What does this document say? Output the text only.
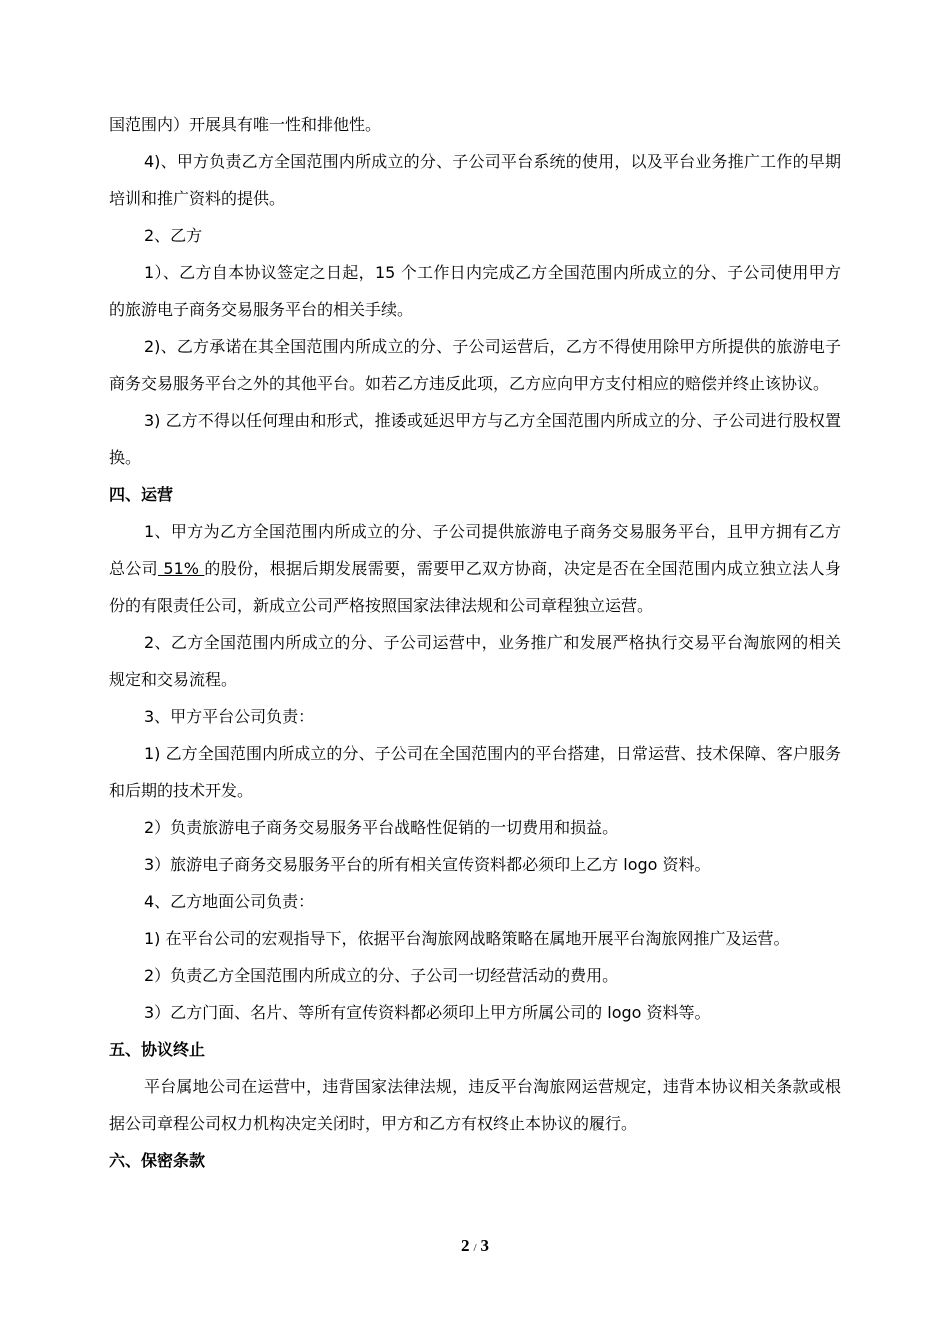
国范围内）开展具有唯一性和排他性。

4)、甲方负责乙方全国范围内所成立的分、子公司平台系统的使用，以及平台业务推广工作的早期培训和推广资料的提供。

2、乙方

1）、乙方自本协议签定之日起，15 个工作日内完成乙方全国范围内所成立的分、子公司使用甲方的旅游电子商务交易服务平台的相关手续。

2)、乙方承诺在其全国范围内所成立的分、子公司运营后，乙方不得使用除甲方所提供的旅游电子商务交易服务平台之外的其他平台。如若乙方违反此项，乙方应向甲方支付相应的赔偿并终止该协议。

3) 乙方不得以任何理由和形式，推诿或延迟甲方与乙方全国范围内所成立的分、子公司进行股权置换。

四、运营

1、甲方为乙方全国范围内所成立的分、子公司提供旅游电子商务交易服务平台，且甲方拥有乙方总公司 51% 的股份，根据后期发展需要，需要甲乙双方协商，决定是否在全国范围内成立独立法人身份的有限责任公司，新成立公司严格按照国家法律法规和公司章程独立运营。

2、乙方全国范围内所成立的分、子公司运营中，业务推广和发展严格执行交易平台淘旅网的相关规定和交易流程。

3、甲方平台公司负责：

1) 乙方全国范围内所成立的分、子公司在全国范围内的平台搭建，日常运营、技术保障、客户服务和后期的技术开发。

2）负责旅游电子商务交易服务平台战略性促销的一切费用和损益。

3）旅游电子商务交易服务平台的所有相关宣传资料都必须印上乙方 logo 资料。

4、乙方地面公司负责：

1) 在平台公司的宏观指导下，依据平台淘旅网战略策略在属地开展平台淘旅网推广及运营。

2）负责乙方全国范围内所成立的分、子公司一切经营活动的费用。

3）乙方门面、名片、等所有宣传资料都必须印上甲方所属公司的 logo 资料等。

五、协议终止

平台属地公司在运营中，违背国家法律法规，违反平台淘旅网运营规定，违背本协议相关条款或根据公司章程公司权力机构决定关闭时，甲方和乙方有权终止本协议的履行。

六、保密条款

2 / 3
